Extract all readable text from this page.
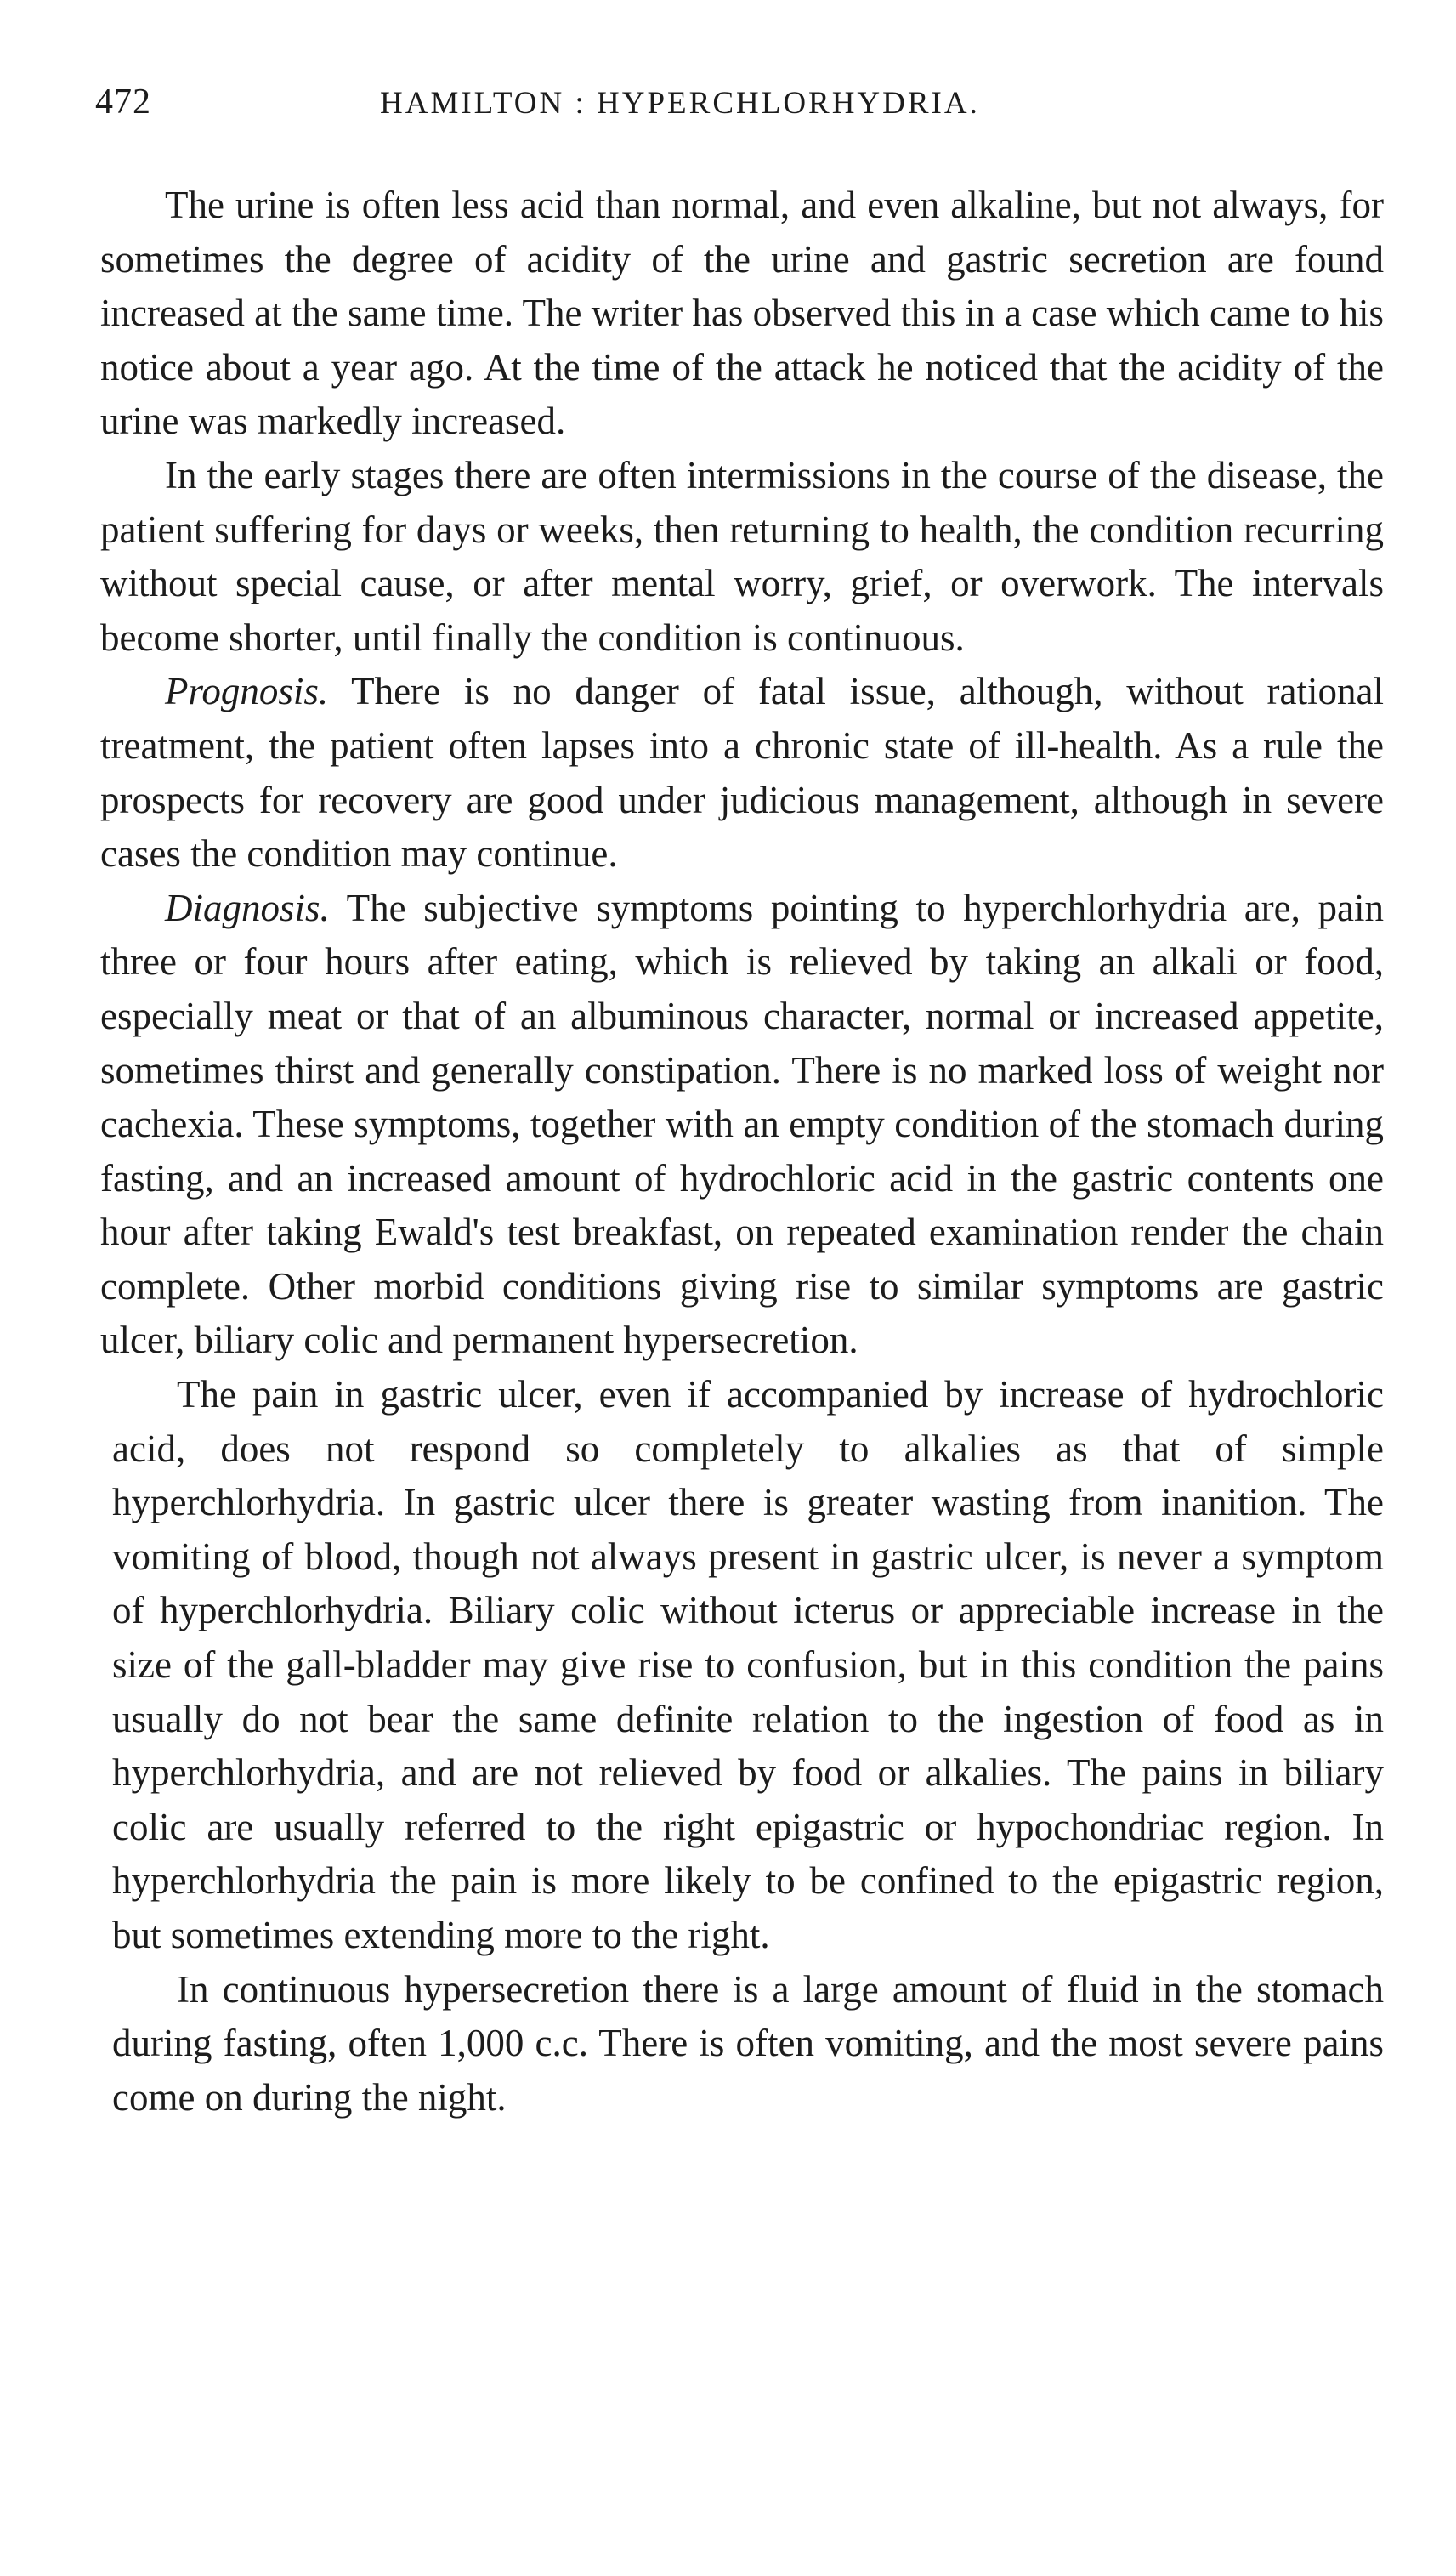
472	HAMILTON : HYPERCHLORHYDRIA.

The urine is often less acid than normal, and even alkaline, but not always, for sometimes the degree of acidity of the urine and gastric secretion are found increased at the same time. The writer has observed this in a case which came to his notice about a year ago. At the time of the attack he noticed that the acidity of the urine was markedly increased.

In the early stages there are often intermissions in the course of the disease, the patient suffering for days or weeks, then returning to health, the condition recurring without special cause, or after mental worry, grief, or overwork. The intervals become shorter, until finally the condition is continuous.

Prognosis. There is no danger of fatal issue, although, without rational treatment, the patient often lapses into a chronic state of ill-health. As a rule the prospects for recovery are good under judicious management, although in severe cases the condition may continue.

Diagnosis. The subjective symptoms pointing to hyperchlorhydria are, pain three or four hours after eating, which is relieved by taking an alkali or food, especially meat or that of an albuminous character, normal or increased appetite, sometimes thirst and generally constipation. There is no marked loss of weight nor cachexia. These symptoms, together with an empty condition of the stomach during fasting, and an increased amount of hydrochloric acid in the gastric contents one hour after taking Ewald's test breakfast, on repeated examination render the chain complete. Other morbid conditions giving rise to similar symptoms are gastric ulcer, biliary colic and permanent hypersecretion.

The pain in gastric ulcer, even if accompanied by increase of hydrochloric acid, does not respond so completely to alkalies as that of simple hyperchlorhydria. In gastric ulcer there is greater wasting from inanition. The vomiting of blood, though not always present in gastric ulcer, is never a symptom of hyperchlorhydria. Biliary colic without icterus or appreciable increase in the size of the gall-bladder may give rise to confusion, but in this condition the pains usually do not bear the same definite relation to the ingestion of food as in hyperchlorhydria, and are not relieved by food or alkalies. The pains in biliary colic are usually referred to the right epigastric or hypochondriac region. In hyperchlorhydria the pain is more likely to be confined to the epigastric region, but sometimes extending more to the right.

In continuous hypersecretion there is a large amount of fluid in the stomach during fasting, often 1,000 c.c. There is often vomiting, and the most severe pains come on during the night.
